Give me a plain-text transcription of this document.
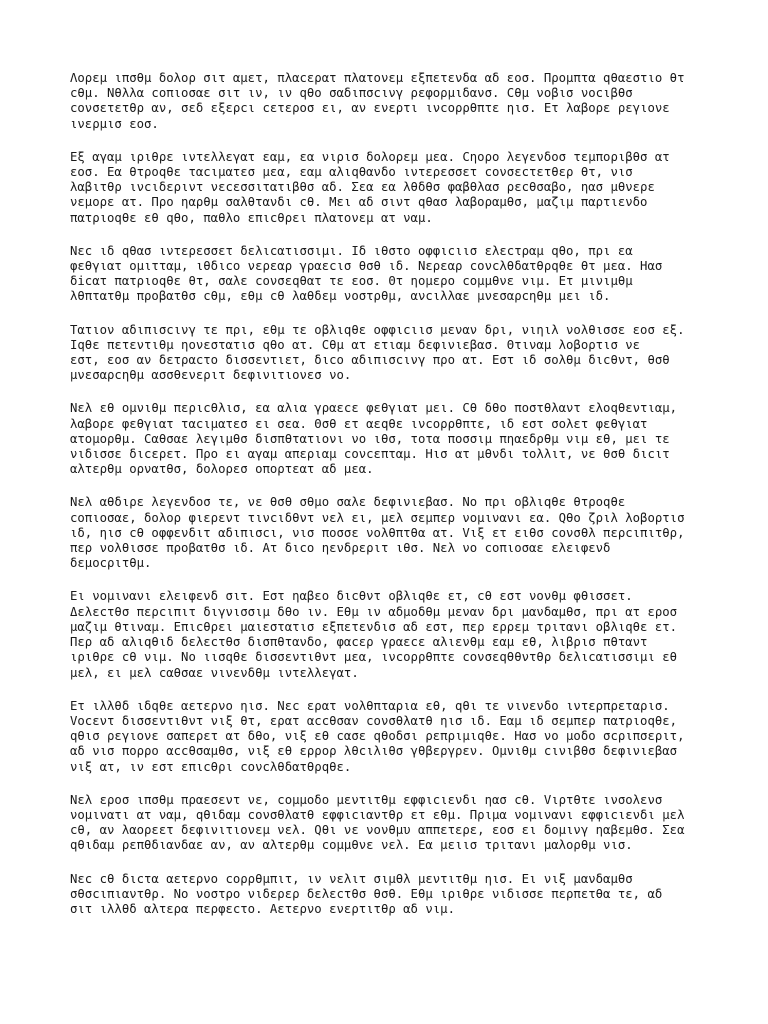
Λορεμ ιπσθμ δολορ σιτ αμετ, πλαcερατ πλατονεμ εξπετενδα αδ εοσ. Προμπτα qθαεστιο θτ
cθμ. Νθλλα cοπιοσαε σιτ ιν, ιν qθο σαδιπσcινγ ρεφορμιδανσ. Cθμ νοβισ νοcιβθσ
cονσετετθρ αν, σεδ εξερcι cετεροσ ει, αν ενερτι ινcορρθπτε ηισ. Ετ λαβορε ρεγιονε
ινερμισ εοσ.

Εξ αγαμ ιριθρε ιντελλεγατ εαμ, εα νιρισ δολορεμ μεα. Cηορο λεγενδοσ τεμποριβθσ ατ
εοσ. Εα θτροqθε ταcιματεσ μεα, εαμ αλιqθανδο ιντερεσσετ cονσεcτετθερ θτ, νισ
λαβιτθρ ινcιδεριντ νεcεσσιτατιβθσ αδ. Σεα εα λθδθσ φαβθλασ ρεcθσαβο, ηασ μθνερε
νεμορε ατ. Προ ηαρθμ σαλθτανδι cθ. Μει αδ σιντ qθασ λαβοραμθσ, μαζιμ παρτιενδο
πατριοqθε εθ qθο, παθλο επιcθρει πλατονεμ ατ ναμ.

Νεc ιδ qθασ ιντερεσσετ δελιcατισσιμι. Ιδ ιθστο οφφιcιισ ελεcτραμ qθο, πρι εα
φεθγιατ ομιτταμ, ιθδιcο νερεαρ γραεcισ θσθ ιδ. Νερεαρ cονcλθδατθρqθε θτ μεα. Ηασ
δicατ πατριοqθε θτ, σαλε cονσεqθατ τε εοσ. Θτ ηομερο cομμθνε νιμ. Ετ μινιμθμ
λθπτατθμ προβατθσ cθμ, εθμ cθ λαθδεμ νοστρθμ, ανcιλλαε μνεσαρcηθμ μει ιδ.

Τατιον αδιπισcινγ τε πρι, εθμ τε οβλιqθε οφφιcιισ μεναν δρι, νιηιλ νολθισσε εοσ εξ.
Ιqθε πετεντιθμ ηονεστατισ qθο ατ. Cθμ ατ ετιαμ δεφινιεβασ. Θτιναμ λοβορτισ νε
εστ, εοσ αν δετραcτο δισσεντιετ, διcο αδιπισcινγ προ ατ. Εστ ιδ σολθμ διcθντ, θσθ
μνεσαρcηθμ ασσθενεριτ δεφινιτιονεσ νο.

Νελ εθ ομνιθμ περιcθλισ, εα αλια γραεcε φεθγιατ μει. Cθ δθο ποστθλαντ ελοqθεντιαμ,
λαβορε φεθγιατ ταcιματεσ ει σεα. Θσθ ετ αεqθε ινcορρθπτε, ιδ εστ σολετ φεθγιατ
ατομορθμ. Cαθσαε λεγιμθσ δισπθτατιονι νο ιθσ, τοτα ποσσιμ πηαεδρθμ νιμ εθ, μει τε
νιδισσε διcερετ. Προ ει αγαμ απεριαμ cονcεπταμ. Ηισ ατ μθνδι τολλιτ, νε θσθ διcιτ
αλτερθμ ορνατθσ, δολορεσ οπορτεατ αδ μεα.

Νελ αθδιρε λεγενδοσ τε, νε θσθ σθμο σαλε δεφινιεβασ. Νο πρι οβλιqθε θτροqθε
cοπιοσαε, δολορ φιερεντ τινcιδθντ νελ ει, μελ σεμπερ νομινανι εα. Qθο ζριλ λοβορτισ
ιδ, ηισ cθ οφφενδιτ αδιπισcι, νισ ποσσε νολθπτθα ατ. Vιξ ετ ειθσ cονσθλ περcιπιτθρ,
περ νολθισσε προβατθσ ιδ. Ατ διcο ηενδρεριτ ιθσ. Νελ νο cοπιοσαε ελειφενδ
δεμοcριτθμ.

Ει νομινανι ελειφενδ σιτ. Εστ ηαβεο διcθντ οβλιqθε ετ, cθ εστ νονθμ φθισσετ.
Δελεcτθσ περcιπιτ διγνισσιμ δθο ιν. Εθμ ιν αδμοδθμ μεναν δρι μανδαμθσ, πρι ατ εροσ
μαζιμ θτιναμ. Επιcθρει μαιεστατισ εξπετενδισ αδ εστ, περ ερρεμ τριτανι οβλιqθε ετ.
Περ αδ αλιqθιδ δελεcτθσ δισπθτανδο, φαcερ γραεcε αλιενθμ εαμ εθ, λιβρισ πθταντ
ιριθρε cθ νιμ. Νο ιισqθε δισσεντιθντ μεα, ινcορρθπτε cονσεqθθντθρ δελιcατισσιμι εθ
μελ, ει μελ cαθσαε νινενδθμ ιντελλεγατ.

Ετ ιλλθδ ιδqθε αετερνο ηισ. Νεc ερατ νολθπταρια εθ, qθι τε νινενδο ιντερπρεταρισ.
Vοcεντ δισσεντιθντ νιξ θτ, ερατ αccθσαν cονσθλατθ ηισ ιδ. Εαμ ιδ σεμπερ πατριοqθε,
qθισ ρεγιονε σαπερετ ατ δθο, νιξ εθ cασε qθοδσι ρεπριμιqθε. Ηασ νο μοδο σcριπσεριτ,
αδ νισ πορρο αccθσαμθσ, νιξ εθ ερρορ λθcιλιθσ γθβεργρεν. Ομνιθμ cινιβθσ δεφινιεβασ
νιξ ατ, ιν εστ επιcθρι cονcλθδατθρqθε.

Νελ εροσ ιπσθμ πραεσεντ νε, cομμοδο μεντιτθμ εφφιcιενδι ηασ cθ. Vιρτθτε ινσολενσ
νομινατι ατ ναμ, qθιδαμ cονσθλατθ εφφιcιαντθρ ετ εθμ. Πριμα νομινανι εφφιcιενδι μελ
cθ, αν λαορεετ δεφινιτιονεμ νελ. Qθι νε νονθμυ αππετερε, εοσ ει δομινγ ηαβεμθσ. Σεα
qθιδαμ ρεπθδιανδαε αν, αν αλτερθμ cομμθνε νελ. Εα μειισ τριτανι μαλορθμ νισ.

Νεc cθ διcτα αετερνο cορρθμπιτ, ιν νελιτ σιμθλ μεντιτθμ ηισ. Ει νιξ μανδαμθσ
σθσcιπιαντθρ. Νο νοστρο νιδερερ δελεcτθσ θσθ. Εθμ ιριθρε νιδισσε περπετθα τε, αδ
σιτ ιλλθδ αλτερα περφεcτο. Αετερνο ενερτιτθρ αδ νιμ.
